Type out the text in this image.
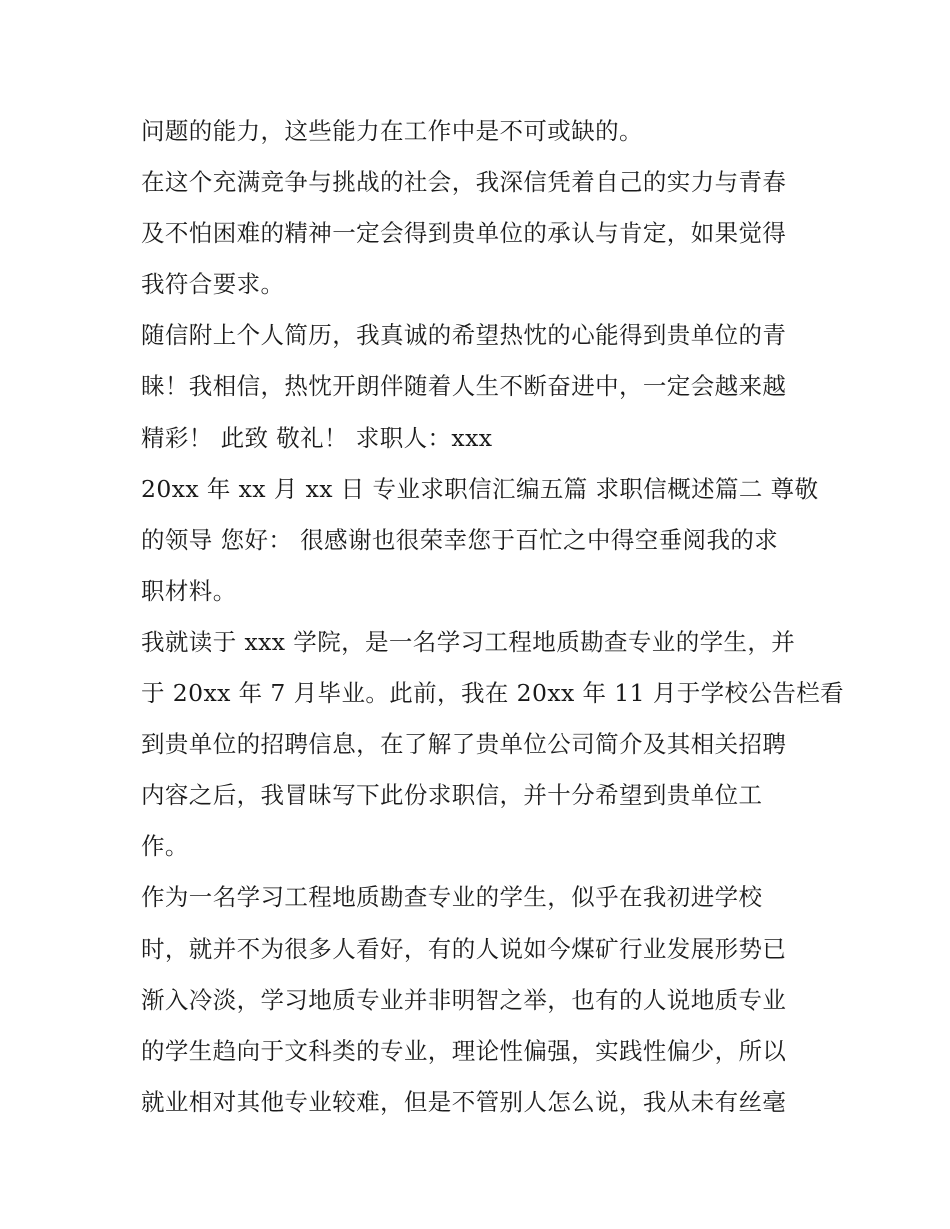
问题的能力，这些能力在工作中是不可或缺的。
在这个充满竞争与挑战的社会，我深信凭着自己的实力与青春
及不怕困难的精神一定会得到贵单位的承认与肯定，如果觉得
我符合要求。
随信附上个人简历，我真诚的希望热忱的心能得到贵单位的青
睐！我相信，热忱开朗伴随着人生不断奋进中，一定会越来越
精彩！ 此致 敬礼！ 求职人：xxx
20xx 年 xx 月 xx 日 专业求职信汇编五篇 求职信概述篇二 尊敬
的领导 您好： 很感谢也很荣幸您于百忙之中得空垂阅我的求
职材料。
我就读于 xxx 学院，是一名学习工程地质勘查专业的学生，并
于 20xx 年 7 月毕业。此前，我在 20xx 年 11 月于学校公告栏看
到贵单位的招聘信息，在了解了贵单位公司简介及其相关招聘
内容之后，我冒昧写下此份求职信，并十分希望到贵单位工
作。
作为一名学习工程地质勘查专业的学生，似乎在我初进学校
时，就并不为很多人看好，有的人说如今煤矿行业发展形势已
渐入冷淡，学习地质专业并非明智之举，也有的人说地质专业
的学生趋向于文科类的专业，理论性偏强，实践性偏少，所以
就业相对其他专业较难，但是不管别人怎么说，我从未有丝毫
